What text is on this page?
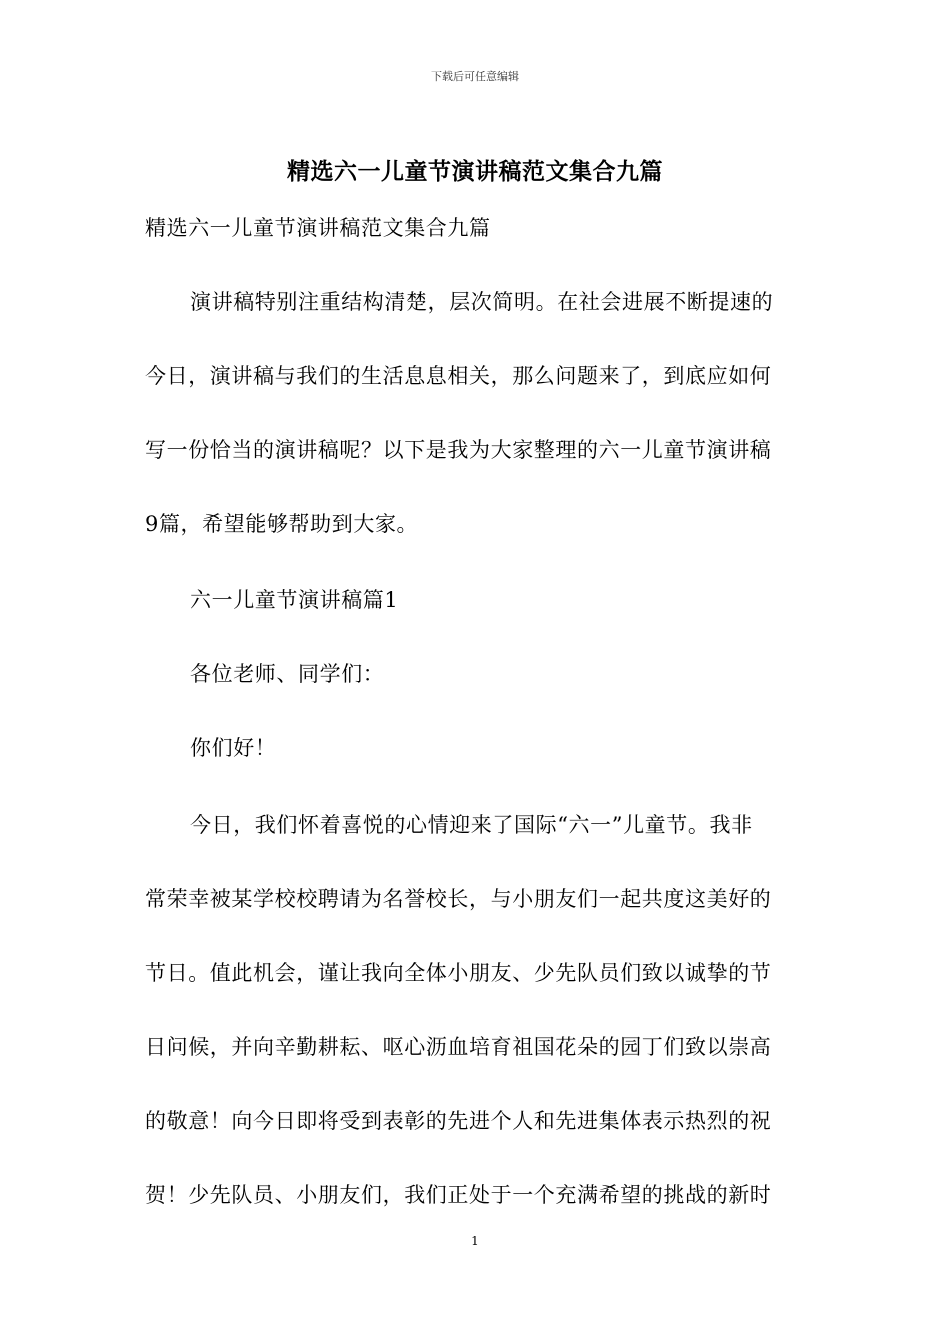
下载后可任意编辑
精选六一儿童节演讲稿范文集合九篇
精选六一儿童节演讲稿范文集合九篇
演讲稿特别注重结构清楚，层次简明。在社会进展不断提速的
今日，演讲稿与我们的生活息息相关，那么问题来了，到底应如何
写一份恰当的演讲稿呢？以下是我为大家整理的六一儿童节演讲稿
9篇，希望能够帮助到大家。
六一儿童节演讲稿篇1
各位老师、同学们：
你们好！
今日，我们怀着喜悦的心情迎来了国际“六一”儿童节。我非
常荣幸被某学校校聘请为名誉校长，与小朋友们一起共度这美好的
节日。值此机会，谨让我向全体小朋友、少先队员们致以诚挚的节
日问候，并向辛勤耕耘、呕心沥血培育祖国花朵的园丁们致以崇高
的敬意！向今日即将受到表彰的先进个人和先进集体表示热烈的祝
贺！少先队员、小朋友们，我们正处于一个充满希望的挑战的新时
1
